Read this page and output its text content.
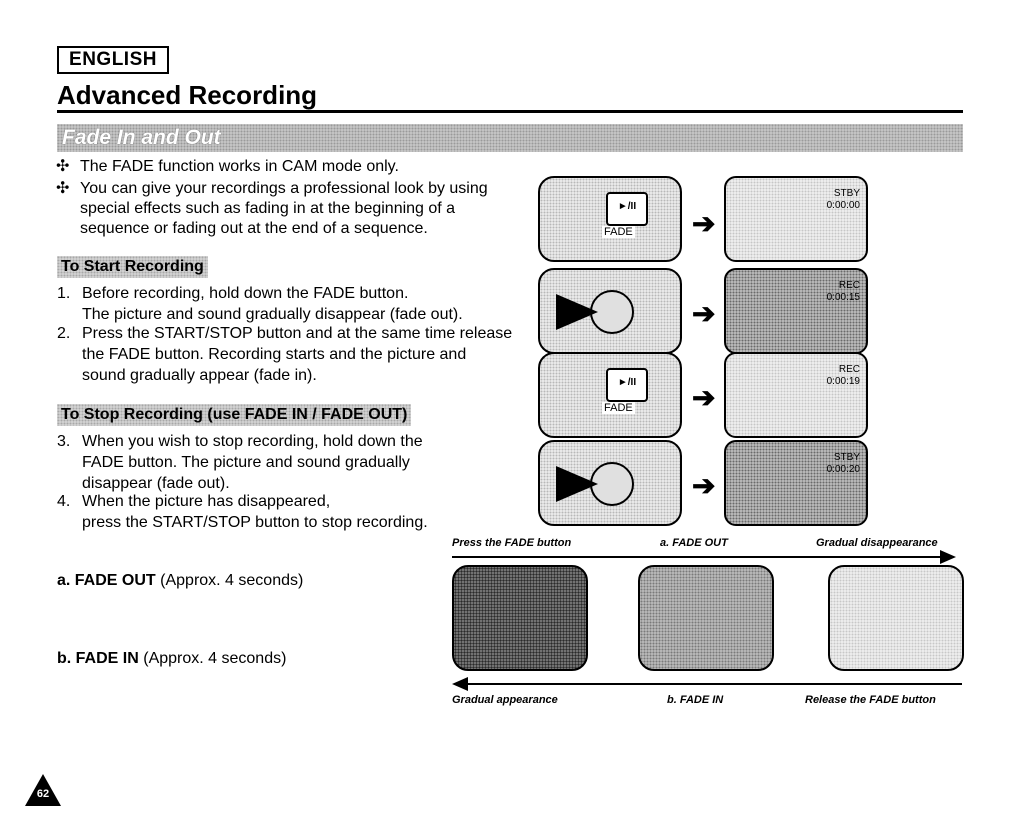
ENGLISH
Advanced Recording
Fade In and Out
✣ The FADE function works in CAM mode only.
✣ You can give your recordings a professional look by using
special effects such as fading in at the beginning of a
sequence or fading out at the end of a sequence.
To Start Recording
1. Before recording, hold down the FADE button.
The picture and sound gradually disappear (fade out).
2. Press the START/STOP button and at the same time release
the FADE button. Recording starts and the picture and
sound gradually appear (fade in).
To Stop Recording (use FADE IN / FADE OUT)
3. When you wish to stop recording, hold down the
FADE button. The picture and sound gradually
disappear (fade out).
4. When the picture has disappeared,
press the START/STOP button to stop recording.
►/II
FADE ➔
STBY
0:00:00
➔
REC
0:00:15
►/II
FADE ➔
REC
0:00:19
➔
STBY
0:00:20
Press the FADE button	a. FADE OUT	Gradual disappearance
Gradual appearance	b. FADE IN	Release the FADE button
a. FADE OUT (Approx. 4 seconds)
b. FADE IN (Approx. 4 seconds)
62
